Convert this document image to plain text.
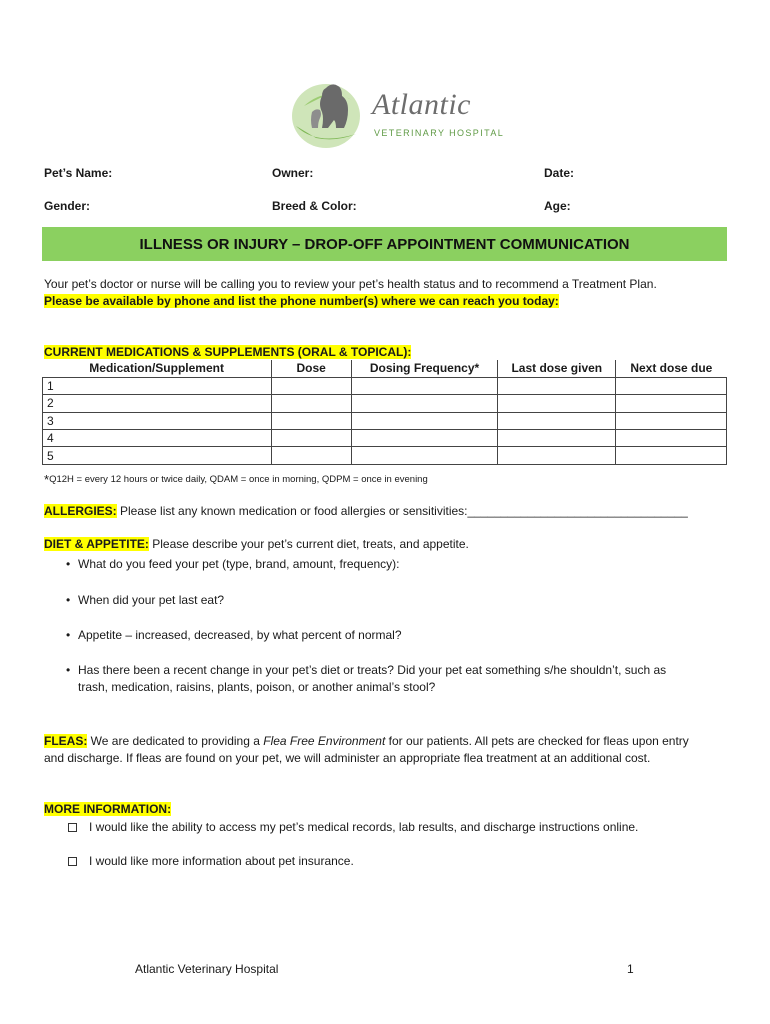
Atlantic
VETERINARY HOSPITAL
Pet’s Name:	Owner:	Date:
Gender:	Breed & Color:	Age:
ILLNESS OR INJURY – DROP-OFF APPOINTMENT COMMUNICATION
Your pet’s doctor or nurse will be calling you to review your pet’s health status and to recommend a Treatment Plan.
Please be available by phone and list the phone number(s) where we can reach you today:
CURRENT MEDICATIONS & SUPPLEMENTS (ORAL & TOPICAL):
Medication/Supplement	Dose	Dosing Frequency*	Last dose given	Next dose due
1				
2				
3				
4				
5				
*Q12H = every 12 hours or twice daily, QDAM = once in morning, QDPM = once in evening
ALLERGIES: Please list any known medication or food allergies or sensitivities:_________________________________
DIET & APPETITE: Please describe your pet’s current diet, treats, and appetite.
• What do you feed your pet (type, brand, amount, frequency):
• When did your pet last eat?
• Appetite – increased, decreased, by what percent of normal?
• Has there been a recent change in your pet’s diet or treats? Did your pet eat something s/he shouldn’t, such as
trash, medication, raisins, plants, poison, or another animal’s stool?
FLEAS: We are dedicated to providing a Flea Free Environment for our patients. All pets are checked for fleas upon entry
and discharge. If fleas are found on your pet, we will administer an appropriate flea treatment at an additional cost.
MORE INFORMATION:
I would like the ability to access my pet’s medical records, lab results, and discharge instructions online.
I would like more information about pet insurance.
Atlantic Veterinary Hospital	1
